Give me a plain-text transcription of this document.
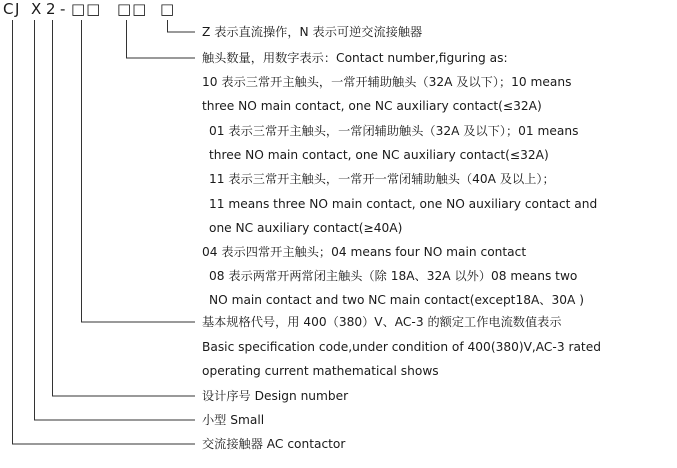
C J X 2 - □□ □□ □
Z 表示直流操作，N 表示可逆交流接触器
触头数量，用数字表示：Contact number,figuring as:
10 表示三常开主触头，一常开辅助触头（32A 及以下）；10 means
three NO main contact, one NC auxiliary contact(≤32A)
01 表示三常开主触头，一常闭辅助触头（32A 及以下）；01 means
three NO main contact, one NC auxiliary contact(≤32A)
11 表示三常开主触头，一常开一常闭辅助触头（40A 及以上）；
11 means three NO main contact, one NO auxiliary contact and
one NC auxiliary contact(≥40A)
04 表示四常开主触头；04 means four NO main contact
08 表示两常开两常闭主触头（除 18A、32A 以外）08 means two
NO main contact and two NC main contact(except18A、30A )
基本规格代号，用 400（380）V、AC-3 的额定工作电流数值表示
Basic specification code,under condition of 400(380)V,AC-3 rated
operating current mathematical shows
设计序号 Design number
小型 Small
交流接触器 AC contactor
